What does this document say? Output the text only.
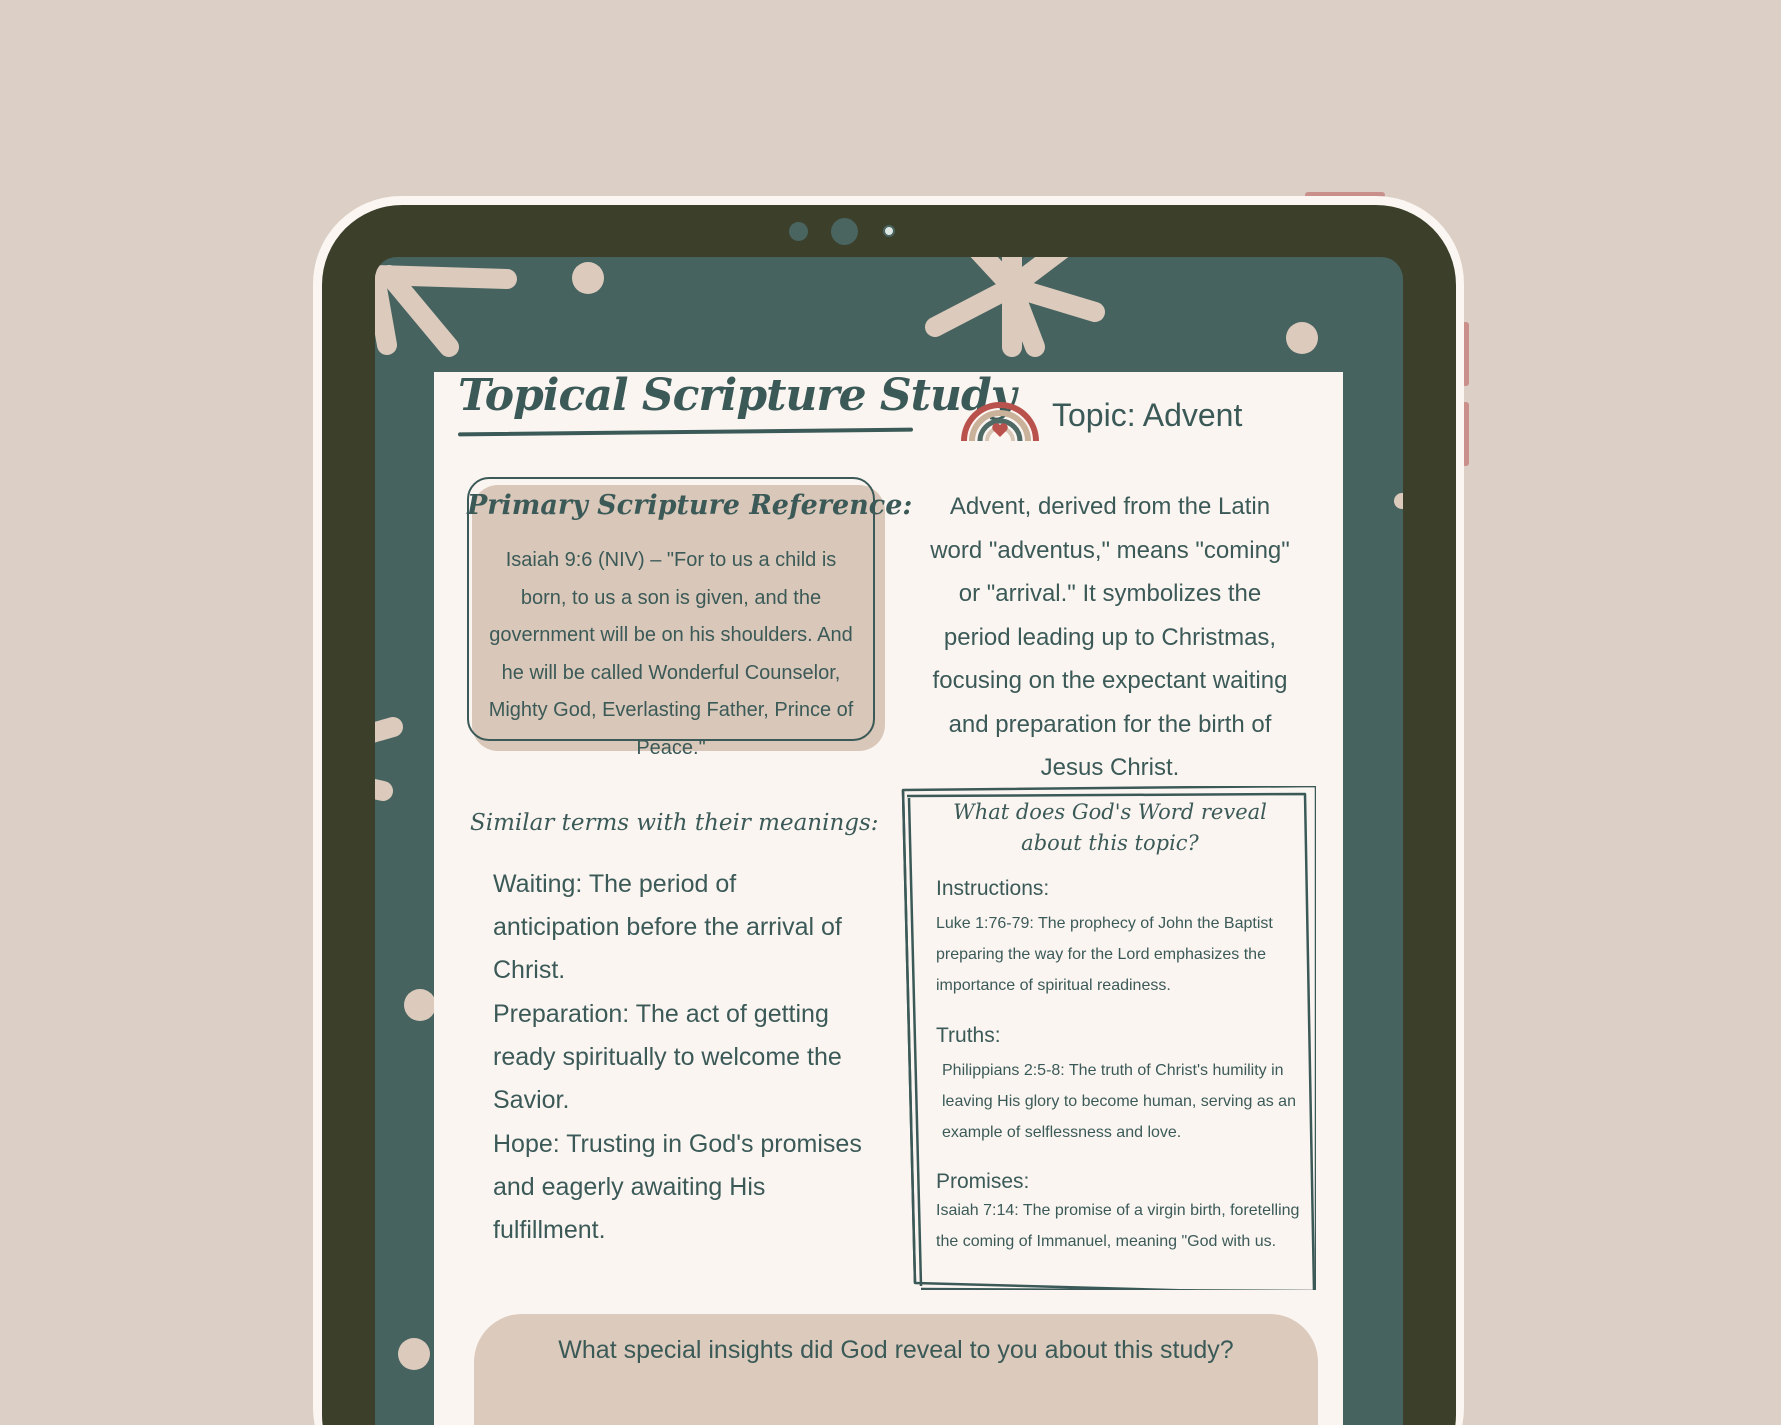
Topical Scripture Study Topic: Advent
Primary Scripture Reference:
Isaiah 9:6 (NIV) – "For to us a child is born, to us a son is given, and the government will be on his shoulders. And he will be called Wonderful Counselor, Mighty God, Everlasting Father, Prince of Peace."
Advent, derived from the Latin word "adventus," means "coming" or "arrival." It symbolizes the period leading up to Christmas, focusing on the expectant waiting and preparation for the birth of Jesus Christ.
Similar terms with their meanings:
Waiting: The period of anticipation before the arrival of Christ.
Preparation: The act of getting ready spiritually to welcome the Savior.
Hope: Trusting in God's promises and eagerly awaiting His fulfillment.
What does God's Word reveal about this topic?
Instructions:
Luke 1:76-79: The prophecy of John the Baptist preparing the way for the Lord emphasizes the importance of spiritual readiness.
Truths:
Philippians 2:5-8: The truth of Christ's humility in leaving His glory to become human, serving as an example of selflessness and love.
Promises:
Isaiah 7:14: The promise of a virgin birth, foretelling the coming of Immanuel, meaning "God with us.
What special insights did God reveal to you about this study?
